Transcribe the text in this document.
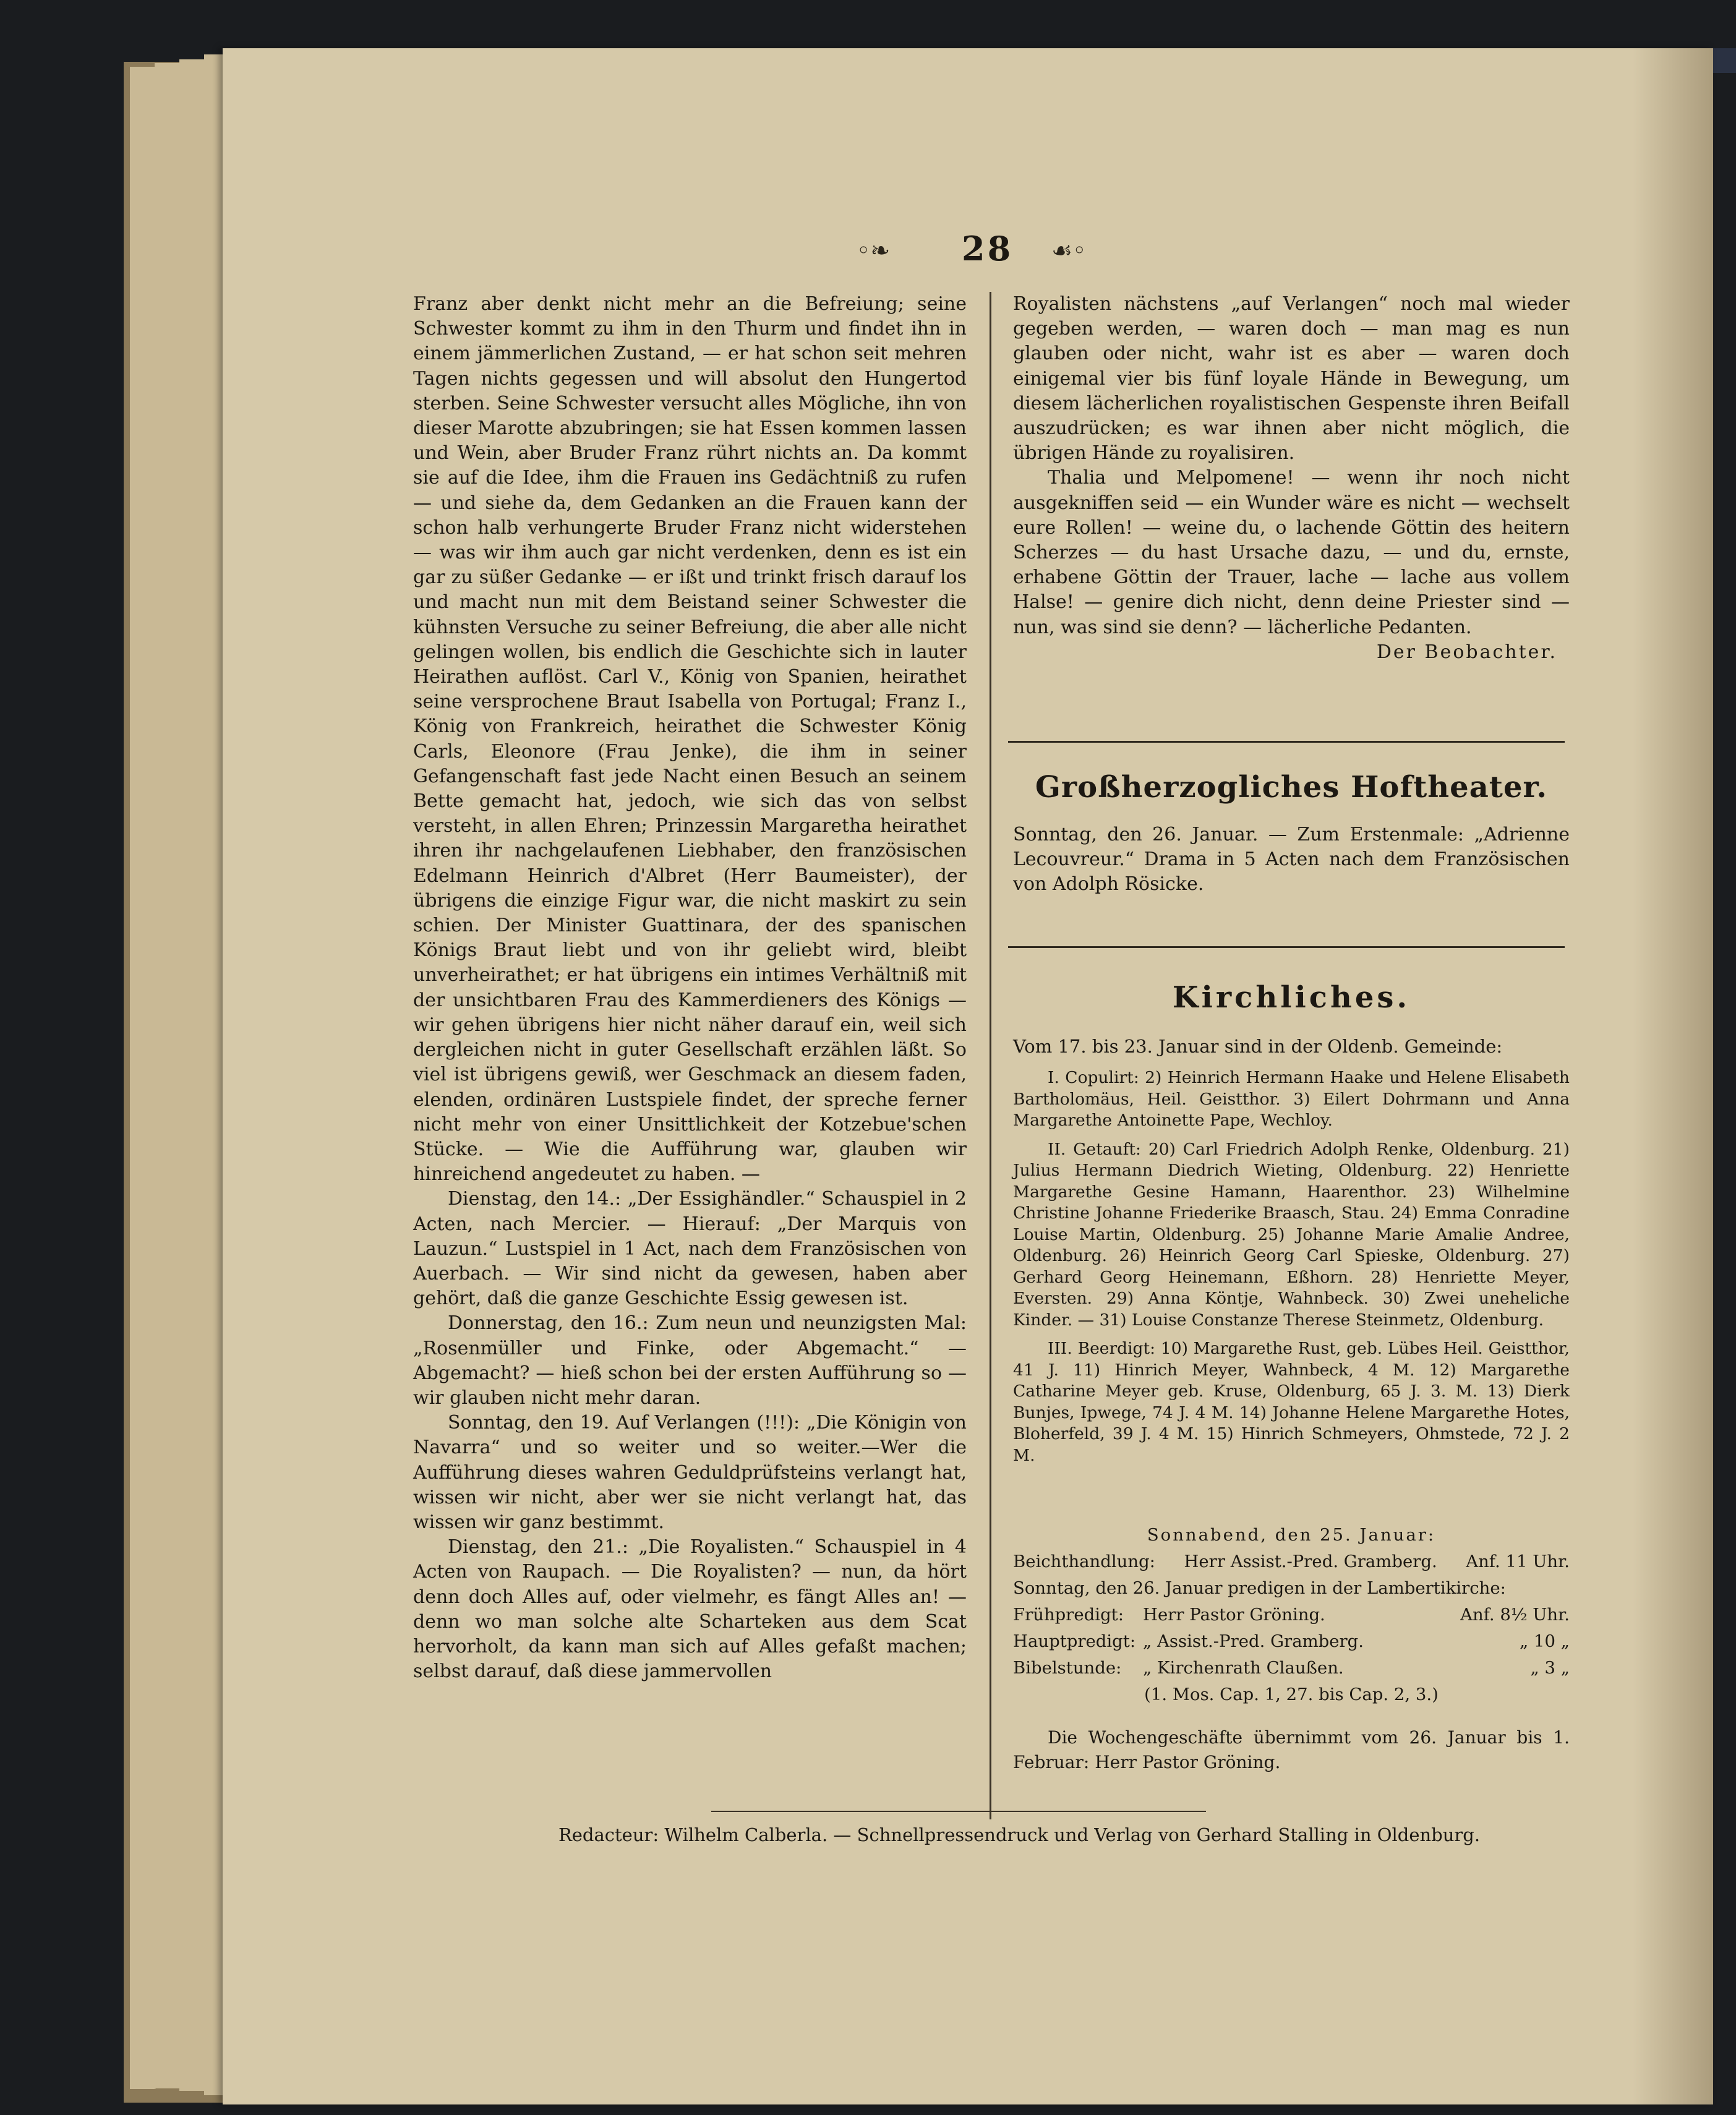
◦❧ 28 ☙◦

Franz aber denkt nicht mehr an die Befreiung; seine Schwester kommt zu ihm in den Thurm und findet ihn in einem jämmerlichen Zustand, — er hat schon seit mehren Tagen nichts gegessen und will absolut den Hungertod sterben. Seine Schwester versucht alles Mögliche, ihn von dieser Marotte abzubringen; sie hat Essen kommen lassen und Wein, aber Bruder Franz rührt nichts an. Da kommt sie auf die Idee, ihm die Frauen ins Gedächtniß zu rufen — und siehe da, dem Gedanken an die Frauen kann der schon halb verhungerte Bruder Franz nicht widerstehen — was wir ihm auch gar nicht verdenken, denn es ist ein gar zu süßer Gedanke — er ißt und trinkt frisch darauf los und macht nun mit dem Beistand seiner Schwester die kühnsten Versuche zu seiner Befreiung, die aber alle nicht gelingen wollen, bis endlich die Geschichte sich in lauter Heirathen auflöst. Carl V., König von Spanien, heirathet seine versprochene Braut Isabella von Portugal; Franz I., König von Frankreich, heirathet die Schwester König Carls, Eleonore (Frau Jenke), die ihm in seiner Gefangenschaft fast jede Nacht einen Besuch an seinem Bette gemacht hat, jedoch, wie sich das von selbst versteht, in allen Ehren; Prinzessin Margaretha heirathet ihren ihr nachgelaufenen Liebhaber, den französischen Edelmann Heinrich d'Albret (Herr Baumeister), der übrigens die einzige Figur war, die nicht maskirt zu sein schien. Der Minister Guattinara, der des spanischen Königs Braut liebt und von ihr geliebt wird, bleibt unverheirathet; er hat übrigens ein intimes Verhältniß mit der unsichtbaren Frau des Kammerdieners des Königs — wir gehen übrigens hier nicht näher darauf ein, weil sich dergleichen nicht in guter Gesellschaft erzählen läßt. So viel ist übrigens gewiß, wer Geschmack an diesem faden, elenden, ordinären Lustspiele findet, der spreche ferner nicht mehr von einer Unsittlichkeit der Kotzebue'schen Stücke. — Wie die Aufführung war, glauben wir hinreichend angedeutet zu haben. —

Dienstag, den 14.: „Der Essighändler.“ Schauspiel in 2 Acten, nach Mercier. — Hierauf: „Der Marquis von Lauzun.“ Lustspiel in 1 Act, nach dem Französischen von Auerbach. — Wir sind nicht da gewesen, haben aber gehört, daß die ganze Geschichte Essig gewesen ist.

Donnerstag, den 16.: Zum neun und neunzigsten Mal: „Rosenmüller und Finke, oder Abgemacht.“ — Abgemacht? — hieß schon bei der ersten Aufführung so — wir glauben nicht mehr daran.

Sonntag, den 19. Auf Verlangen (!!!): „Die Königin von Navarra“ und so weiter und so weiter.—Wer die Aufführung dieses wahren Geduldprüfsteins verlangt hat, wissen wir nicht, aber wer sie nicht verlangt hat, das wissen wir ganz bestimmt.

Dienstag, den 21.: „Die Royalisten.“ Schauspiel in 4 Acten von Raupach. — Die Royalisten? — nun, da hört denn doch Alles auf, oder vielmehr, es fängt Alles an! — denn wo man solche alte Scharteken aus dem Scat hervorholt, da kann man sich auf Alles gefaßt machen; selbst darauf, daß diese jammervollen

Royalisten nächstens „auf Verlangen“ noch mal wieder gegeben werden, — waren doch — man mag es nun glauben oder nicht, wahr ist es aber — waren doch einigemal vier bis fünf loyale Hände in Bewegung, um diesem lächerlichen royalistischen Gespenste ihren Beifall auszudrücken; es war ihnen aber nicht möglich, die übrigen Hände zu royalisiren.

Thalia und Melpomene! — wenn ihr noch nicht ausgekniffen seid — ein Wunder wäre es nicht — wechselt eure Rollen! — weine du, o lachende Göttin des heitern Scherzes — du hast Ursache dazu, — und du, ernste, erhabene Göttin der Trauer, lache — lache aus vollem Halse! — genire dich nicht, denn deine Priester sind — nun, was sind sie denn? — lächerliche Pedanten.

Der Beobachter.

Großherzogliches Hoftheater.

Sonntag, den 26. Januar. — Zum Erstenmale: „Adrienne Lecouvreur.“ Drama in 5 Acten nach dem Französischen von Adolph Rösicke.

Kirchliches.

Vom 17. bis 23. Januar sind in der Oldenb. Gemeinde:

I. Copulirt: 2) Heinrich Hermann Haake und Helene Elisabeth Bartholomäus, Heil. Geistthor. 3) Eilert Dohrmann und Anna Margarethe Antoinette Pape, Wechloy.

II. Getauft: 20) Carl Friedrich Adolph Renke, Oldenburg. 21) Julius Hermann Diedrich Wieting, Oldenburg. 22) Henriette Margarethe Gesine Hamann, Haarenthor. 23) Wilhelmine Christine Johanne Friederike Braasch, Stau. 24) Emma Conradine Louise Martin, Oldenburg. 25) Johanne Marie Amalie Andree, Oldenburg. 26) Heinrich Georg Carl Spieske, Oldenburg. 27) Gerhard Georg Heinemann, Eßhorn. 28) Henriette Meyer, Eversten. 29) Anna Köntje, Wahnbeck. 30) Zwei uneheliche Kinder. — 31) Louise Constanze Therese Steinmetz, Oldenburg.

III. Beerdigt: 10) Margarethe Rust, geb. Lübes Heil. Geistthor, 41 J. 11) Hinrich Meyer, Wahnbeck, 4 M. 12) Margarethe Catharine Meyer geb. Kruse, Oldenburg, 65 J. 3. M. 13) Dierk Bunjes, Ipwege, 74 J. 4 M. 14) Johanne Helene Margarethe Hotes, Bloherfeld, 39 J. 4 M. 15) Hinrich Schmeyers, Ohmstede, 72 J. 2 M.

Sonnabend, den 25. Januar:
Beichthandlung: Herr Assist.-Pred. Gramberg. Anf. 11 Uhr.
Sonntag, den 26. Januar predigen in der Lambertikirche:
Frühpredigt:	Herr Pastor Gröning.	Anf. 8½ Uhr.
Hauptpredigt: „ Assist.-Pred. Gramberg.	„ 10 „
Bibelstunde:	„ Kirchenrath Claußen.	„ 3 „
(1. Mos. Cap. 1, 27. bis Cap. 2, 3.)

Die Wochengeschäfte übernimmt vom 26. Januar bis 1. Februar: Herr Pastor Gröning.

Redacteur: Wilhelm Calberla. — Schnellpressendruck und Verlag von Gerhard Stalling in Oldenburg.
